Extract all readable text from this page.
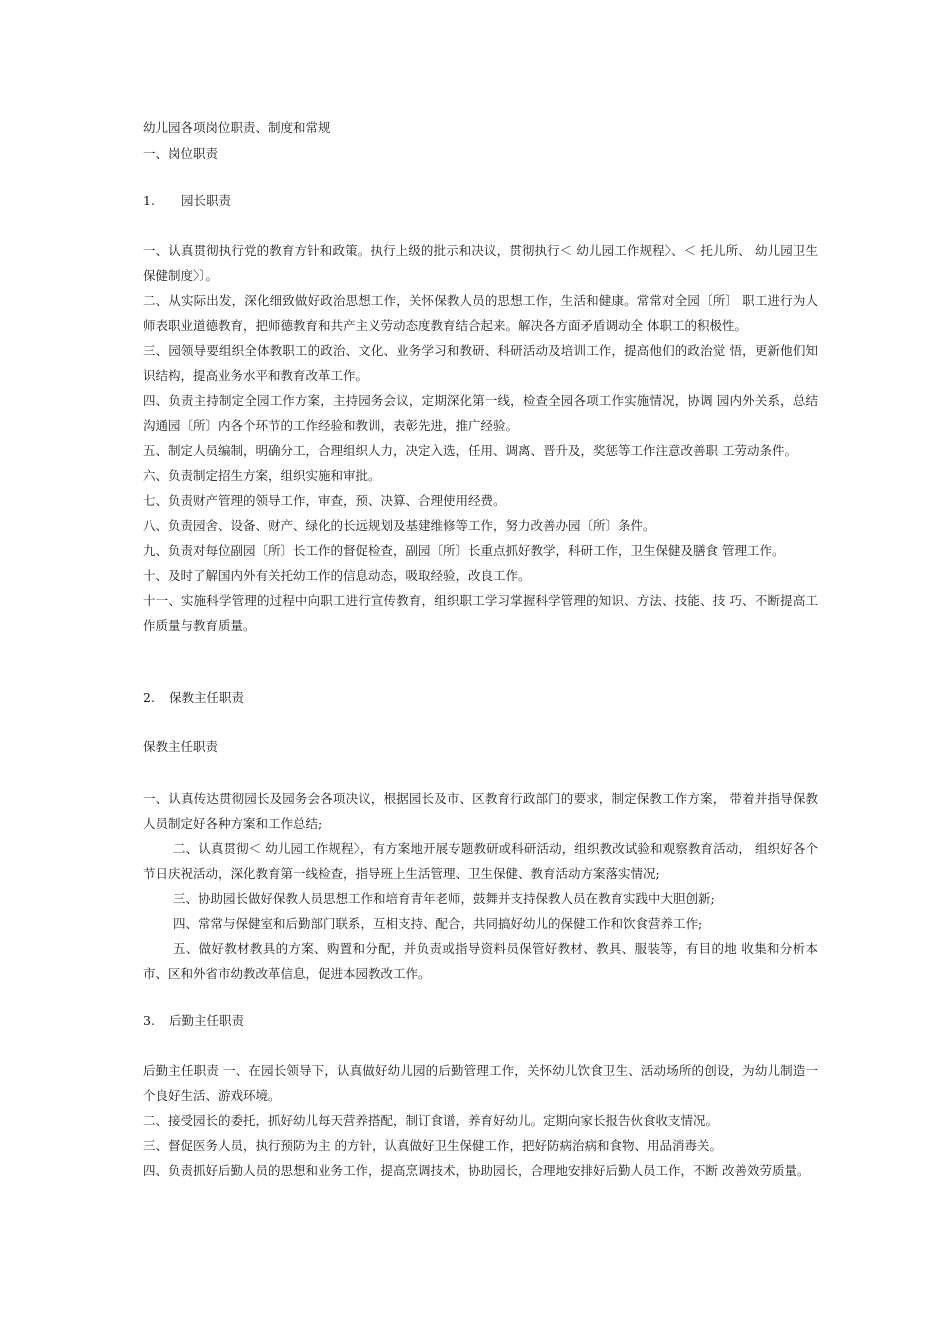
幼儿园各项岗位职责、制度和常规
一、岗位职责
1. 园长职责
一、认真贯彻执行党的教育方针和政策。执行上级的批示和决议，贯彻执行＜ 幼儿园工作规程〉、＜ 托儿所、 幼儿园卫生保健制度〉〕。
二、从实际出发，深化细致做好政治思想工作，关怀保教人员的思想工作，生活和健康。常常对全园〔所〕 职工进行为人师表职业道德教育，把师德教育和共产主义劳动态度教育结合起来。解决各方面矛盾调动全 体职工的积极性。
三、园领导要组织全体教职工的政治、文化、业务学习和教研、科研活动及培训工作，提高他们的政治觉 悟，更新他们知识结构，提高业务水平和教育改革工作。
四、负责主持制定全园工作方案，主持园务会议，定期深化第一线，检查全园各项工作实施情况，协调 园内外关系，总结沟通园〔所〕内各个环节的工作经验和教训，表彰先进，推广经验。
五、制定人员编制，明确分工，合理组织人力，决定入选，任用、调离、晋升及，奖惩等工作注意改善职 工劳动条件。
六、负责制定招生方案，组织实施和审批。
七、负责财产管理的领导工作，审查，预、决算、合理使用经费。
八、负责园舍、设备、财产、绿化的长远规划及基建维修等工作，努力改善办园〔所〕条件。
九、负责对每位副园〔所〕长工作的督促检查，副园〔所〕长重点抓好教学，科研工作，卫生保健及膳食 管理工作。
十、及时了解国内外有关托幼工作的信息动态，吸取经验，改良工作。
十一、实施科学管理的过程中向职工进行宣传教育，组织职工学习掌握科学管理的知识、方法、技能、技 巧、不断提高工作质量与教育质量。
2. 保教主任职责
保教主任职责
一、认真传达贯彻园长及园务会各项决议，根据园长及市、区教育行政部门的要求，制定保教工作方案， 带着并指导保教人员制定好各种方案和工作总结;
二、认真贯彻＜ 幼儿园工作规程〉，有方案地开展专题教研或科研活动，组织教改试验和观察教育活动， 组织好各个节日庆祝活动，深化教育第一线检查，指导班上生活管理、卫生保健、教育活动方案落实情况;
三、协助园长做好保教人员思想工作和培育青年老师，鼓舞并支持保教人员在教育实践中大胆创新;
四、常常与保健室和后勤部门联系，互相支持、配合，共同搞好幼儿的保健工作和饮食营养工作;
五、做好教材教具的方案、购置和分配，并负责或指导资料员保管好教材、教具、服装等，有目的地 收集和分析本市、区和外省市幼教改革信息，促进本园教改工作。
3. 后勤主任职责
后勤主任职责 一、在园长领导下，认真做好幼儿园的后勤管理工作，关怀幼儿饮食卫生、活动场所的创设，为幼儿制造一个良好生活、游戏环境。
二、接受园长的委托，抓好幼儿每天营养搭配，制订食谱，养育好幼儿。定期向家长报告伙食收支情况。
三、督促医务人员，执行预防为主 的方针，认真做好卫生保健工作，把好防病治病和食物、用品消毒关。
四、负责抓好后勤人员的思想和业务工作，提高烹调技术，协助园长，合理地安排好后勤人员工作，不断 改善效劳质量。
